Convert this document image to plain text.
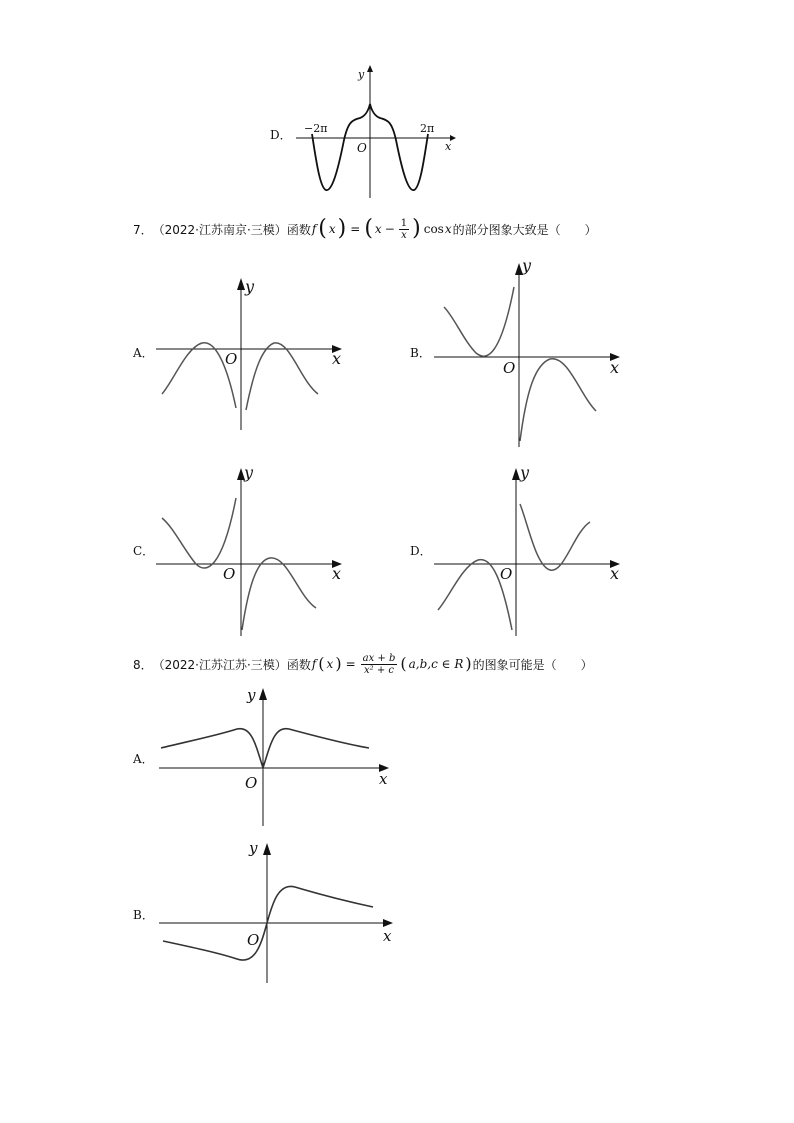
D． −2π	2π
O	x
y
7． （2022·江苏南京·三模） 函数 f ( x ) = ( $x - \frac{1}{x}$ ) cos x 的部分图象大致是（　　）
A．	O	x
y
B．
O	x
y
C．
O	x
y
D．
O	x
y
8． （2022·江苏江苏·三模） 函数 f ( x ) = $\frac{ax + b}{\text{x² + c}}$ ( a,b,c ∈ R ) 的图象可能是（　　）
A．
O	x
y
B．
O	x
y
